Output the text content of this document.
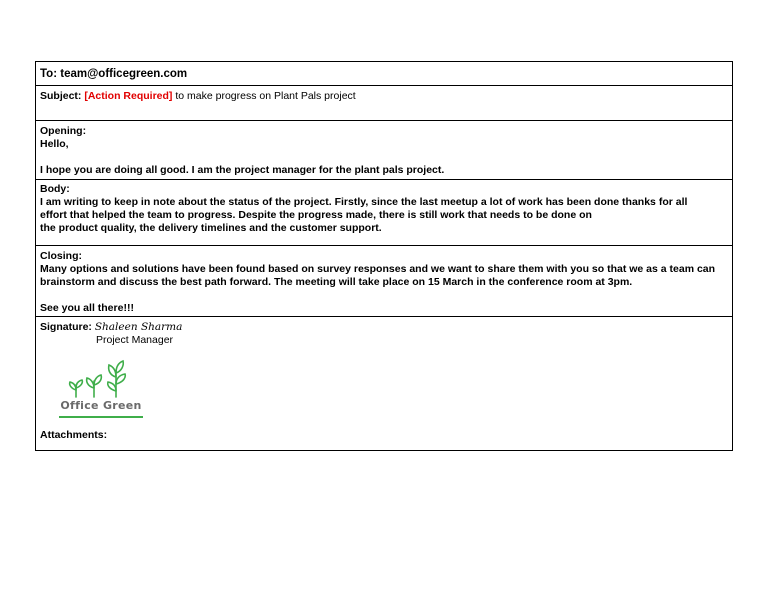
To: team@officegreen.com
Subject: [Action Required] to make progress on Plant Pals project
Opening:
Hello,
I hope you are doing all good. I am the project manager for the plant pals project.
Body:
I am writing to keep in note about the status of the project. Firstly, since the last meetup a lot of work has been done thanks for all
effort that helped the team to progress. Despite the progress made, there is still work that needs to be done on
the product quality, the delivery timelines and the customer support.
Closing:
Many options and solutions have been found based on survey responses and we want to share them with you so that we as a team can
brainstorm and discuss the best path forward. The meeting will take place on 15 March in the conference room at 3pm.
See you all there!!!
Signature: Shaleen Sharma
Project Manager
Office Green
Attachments:
